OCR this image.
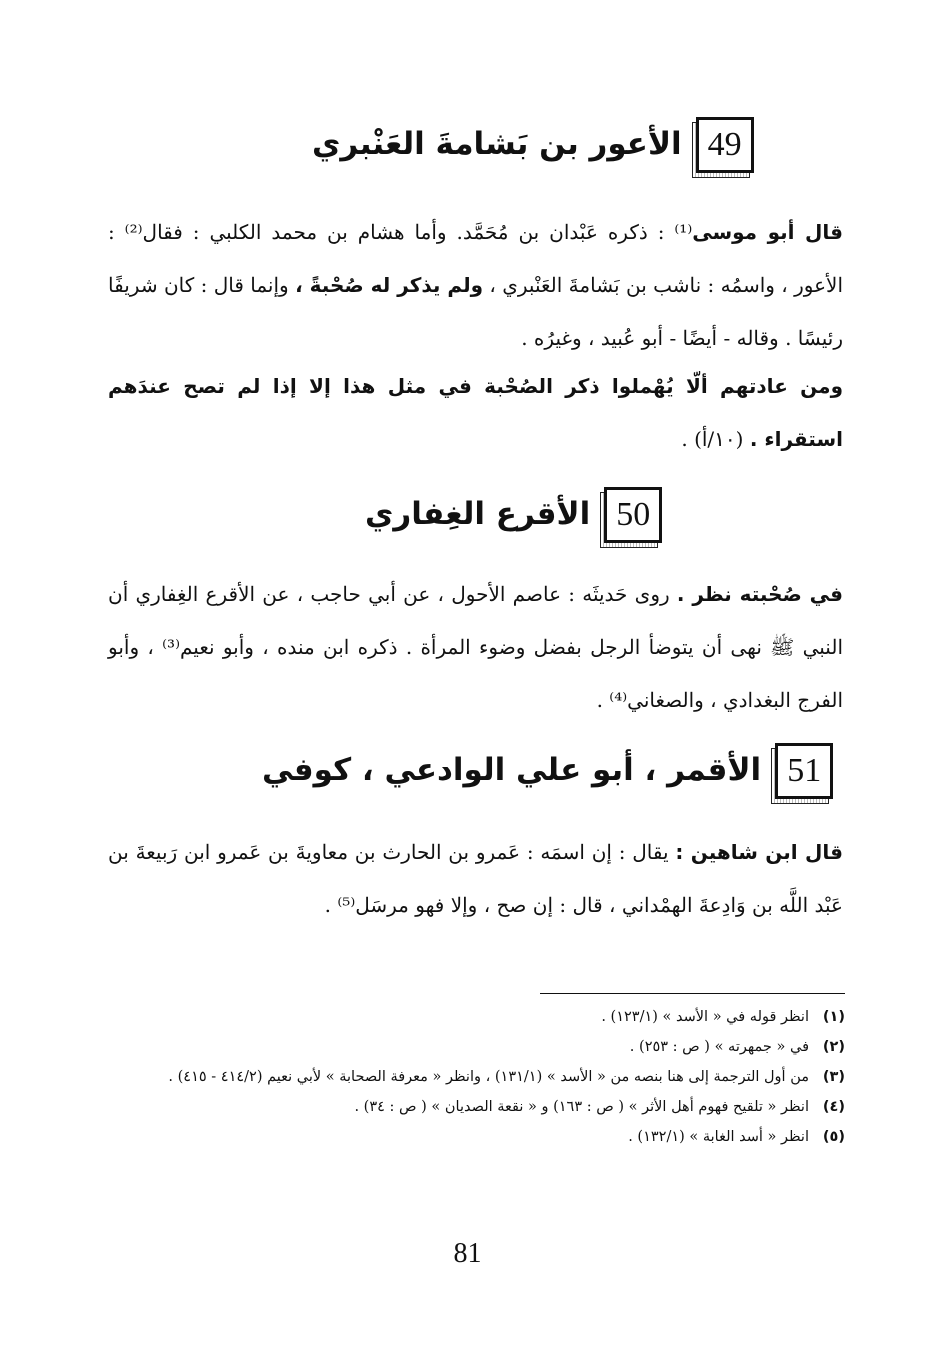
49
الأعور بن بَشامةَ العَنْبري
قال أبو موسى⁽¹⁾ : ذكره عَبْدان بن مُحَمَّد. وأما هشام بن محمد الكلبي : فقال⁽²⁾ : الأعور ، واسمُه : ناشب بن بَشامةَ العَنْبري ، ولم يذكر له صُحْبةً ، وإنما قال : كان شريفًا رئيسًا . وقاله - أيضًا - أبو عُبيد ، وغيرُه .
ومن عادتهم ألّا يُهْملوا ذكر الصُحْبة في مثل هذا إلا إذا لم تصح عندَهم استقراء . (١٠/أ) .
50
الأقرع الغِفاري
في صُحْبته نظر . روى حَديثَه : عاصم الأحول ، عن أبي حاجب ، عن الأقرع الغِفاري أن النبي ﷺ نهى أن يتوضأ الرجل بفضل وضوء المرأة . ذكره ابن منده ، وأبو نعيم⁽³⁾ ، وأبو الفرج البغدادي ، والصغاني⁽⁴⁾ .
51
الأقمر ، أبو علي الوادعي ، كوفي
قال ابن شاهين : يقال : إن اسمَه : عَمرو بن الحارث بن معاويةَ بن عَمرو ابن رَبيعةَ بن عَبْد اللَّه بن وَادِعةَ الهمْداني ، قال : إن صح ، وإلا فهو مرسَل⁽⁵⁾ .
(١)
انظر قوله في « الأسد » (١٢٣/١) .
(٢)
في « جمهرته » ( ص : ٢٥٣) .
(٣)
من أول الترجمة إلى هنا بنصه من « الأسد » (١٣١/١) ، وانظر « معرفة الصحابة » لأبي نعيم (٤١٤/٢ - ٤١٥) .
(٤)
انظر « تلقيح فهوم أهل الأثر » ( ص : ١٦٣) و « نقعة الصديان » ( ص : ٣٤) .
(٥)
انظر « أسد الغابة » (١٣٢/١) .
81
